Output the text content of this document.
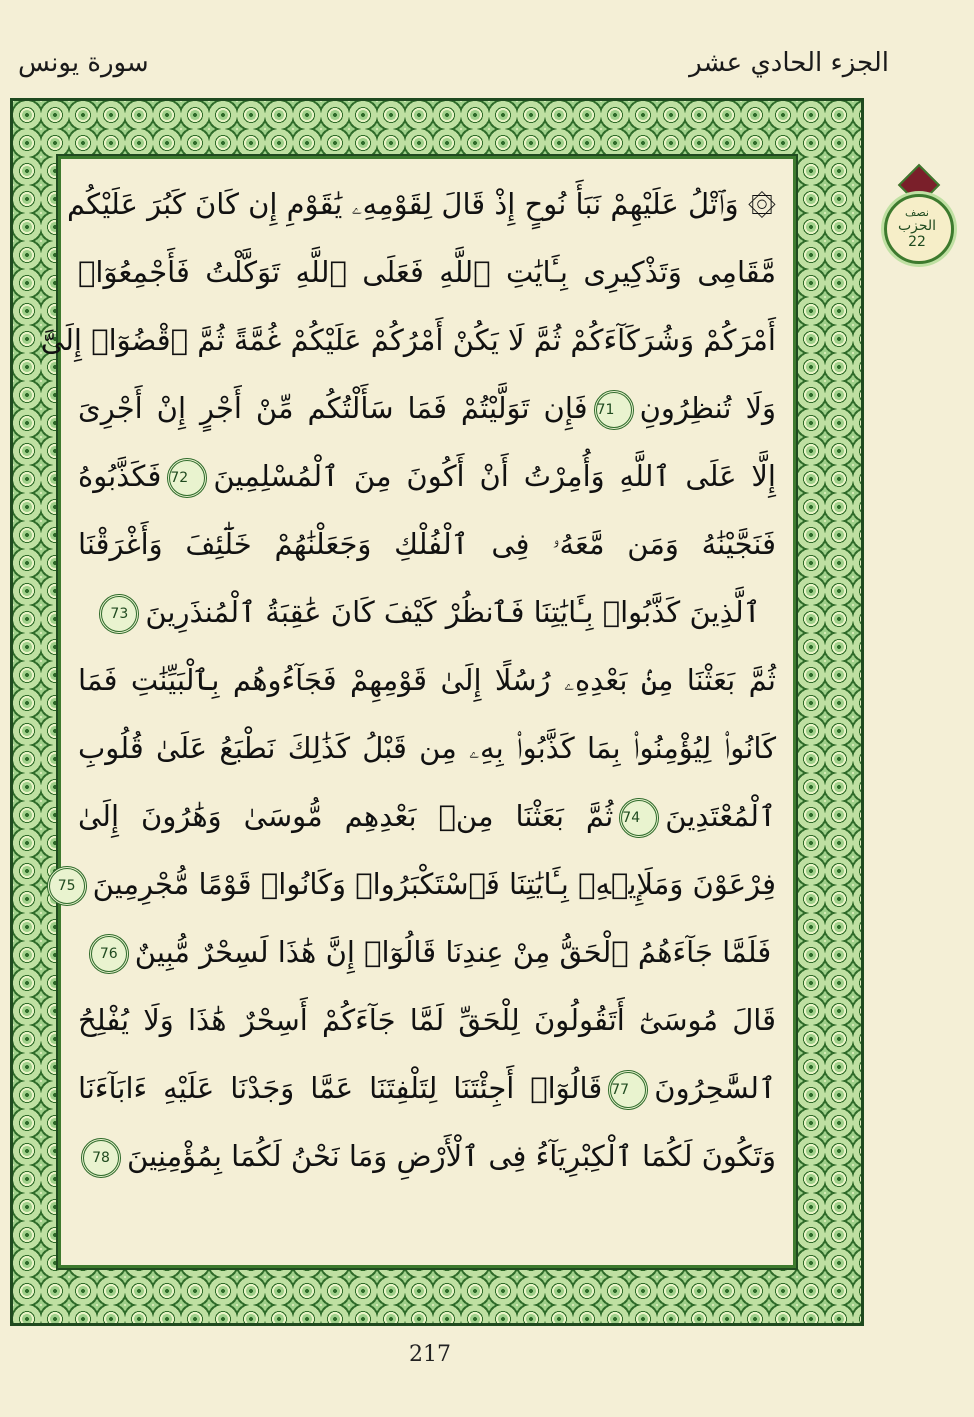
الجزء الحادي عشر
سورة يونس
۞ وَٱتْلُ عَلَيْهِمْ نَبَأَ نُوحٍ إِذْ قَالَ لِقَوْمِهِۦ يَٰقَوْمِ إِن كَانَ كَبُرَ عَلَيْكُم
مَّقَامِى وَتَذْكِيرِى بِـَٔايَٰتِ ٱللَّهِ فَعَلَى ٱللَّهِ تَوَكَّلْتُ فَأَجْمِعُوٓا۟
أَمْرَكُمْ وَشُرَكَآءَكُمْ ثُمَّ لَا يَكُنْ أَمْرُكُمْ عَلَيْكُمْ غُمَّةً ثُمَّ ٱقْضُوٓا۟ إِلَىَّ
وَلَا تُنظِرُونِ71فَإِن تَوَلَّيْتُمْ فَمَا سَأَلْتُكُم مِّنْ أَجْرٍ إِنْ أَجْرِىَ
إِلَّا عَلَى ٱللَّهِ وَأُمِرْتُ أَنْ أَكُونَ مِنَ ٱلْمُسْلِمِينَ72فَكَذَّبُوهُ
فَنَجَّيْنَٰهُ وَمَن مَّعَهُۥ فِى ٱلْفُلْكِ وَجَعَلْنَٰهُمْ خَلَٰٓئِفَ وَأَغْرَقْنَا
ٱلَّذِينَ كَذَّبُوا۟ بِـَٔايَٰتِنَا فَٱنظُرْ كَيْفَ كَانَ عَٰقِبَةُ ٱلْمُنذَرِينَ73
ثُمَّ بَعَثْنَا مِنۢ بَعْدِهِۦ رُسُلًا إِلَىٰ قَوْمِهِمْ فَجَآءُوهُم بِٱلْبَيِّنَٰتِ فَمَا
كَانُوا۟ لِيُؤْمِنُوا۟ بِمَا كَذَّبُوا۟ بِهِۦ مِن قَبْلُ كَذَٰلِكَ نَطْبَعُ عَلَىٰ قُلُوبِ
ٱلْمُعْتَدِينَ74ثُمَّ بَعَثْنَا مِنۢ بَعْدِهِم مُّوسَىٰ وَهَٰرُونَ إِلَىٰ
فِرْعَوْنَ وَمَلَإِي۟هِۦ بِـَٔايَٰتِنَا فَٱسْتَكْبَرُوا۟ وَكَانُوا۟ قَوْمًا مُّجْرِمِينَ75
فَلَمَّا جَآءَهُمُ ٱلْحَقُّ مِنْ عِندِنَا قَالُوٓا۟ إِنَّ هَٰذَا لَسِحْرٌ مُّبِينٌ76
قَالَ مُوسَىٰٓ أَتَقُولُونَ لِلْحَقِّ لَمَّا جَآءَكُمْ أَسِحْرٌ هَٰذَا وَلَا يُفْلِحُ
ٱلسَّٰحِرُونَ77قَالُوٓا۟ أَجِئْتَنَا لِتَلْفِتَنَا عَمَّا وَجَدْنَا عَلَيْهِ ءَابَآءَنَا
وَتَكُونَ لَكُمَا ٱلْكِبْرِيَآءُ فِى ٱلْأَرْضِ وَمَا نَحْنُ لَكُمَا بِمُؤْمِنِينَ78
نصف
الحزب
22
217
